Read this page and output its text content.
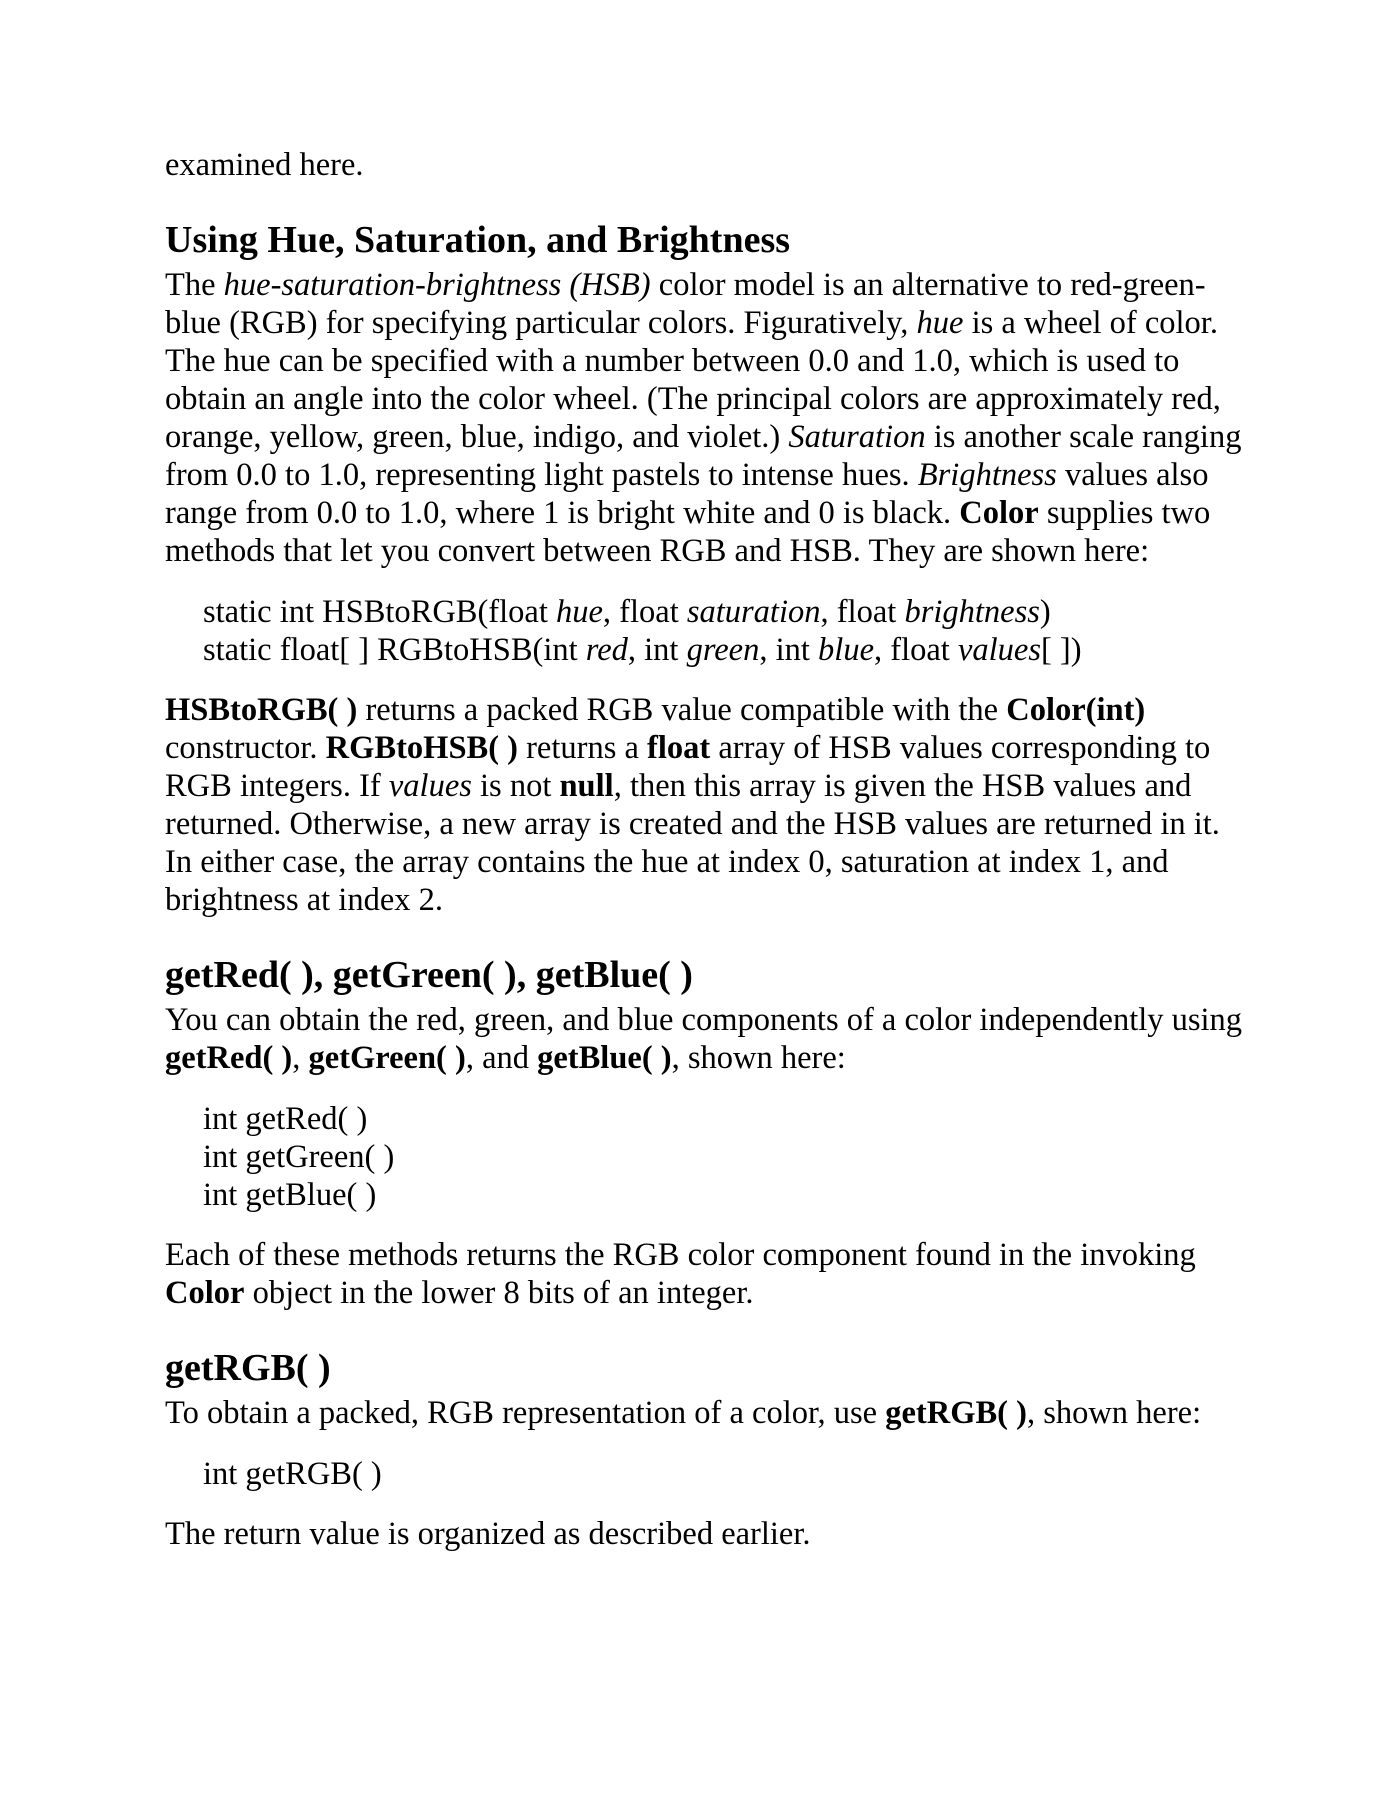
examined here.

Using Hue, Saturation, and Brightness

The hue-saturation-brightness (HSB) color model is an alternative to red-green-blue (RGB) for specifying particular colors. Figuratively, hue is a wheel of color. The hue can be specified with a number between 0.0 and 1.0, which is used to obtain an angle into the color wheel. (The principal colors are approximately red, orange, yellow, green, blue, indigo, and violet.) Saturation is another scale ranging from 0.0 to 1.0, representing light pastels to intense hues. Brightness values also range from 0.0 to 1.0, where 1 is bright white and 0 is black. Color supplies two methods that let you convert between RGB and HSB. They are shown here:

static int HSBtoRGB(float hue, float saturation, float brightness)
static float[ ] RGBtoHSB(int red, int green, int blue, float values[ ])

HSBtoRGB( ) returns a packed RGB value compatible with the Color(int) constructor. RGBtoHSB( ) returns a float array of HSB values corresponding to RGB integers. If values is not null, then this array is given the HSB values and returned. Otherwise, a new array is created and the HSB values are returned in it. In either case, the array contains the hue at index 0, saturation at index 1, and brightness at index 2.

getRed( ), getGreen( ), getBlue( )

You can obtain the red, green, and blue components of a color independently using getRed( ), getGreen( ), and getBlue( ), shown here:

int getRed( )
int getGreen( )
int getBlue( )

Each of these methods returns the RGB color component found in the invoking Color object in the lower 8 bits of an integer.

getRGB( )

To obtain a packed, RGB representation of a color, use getRGB( ), shown here:

int getRGB( )

The return value is organized as described earlier.
